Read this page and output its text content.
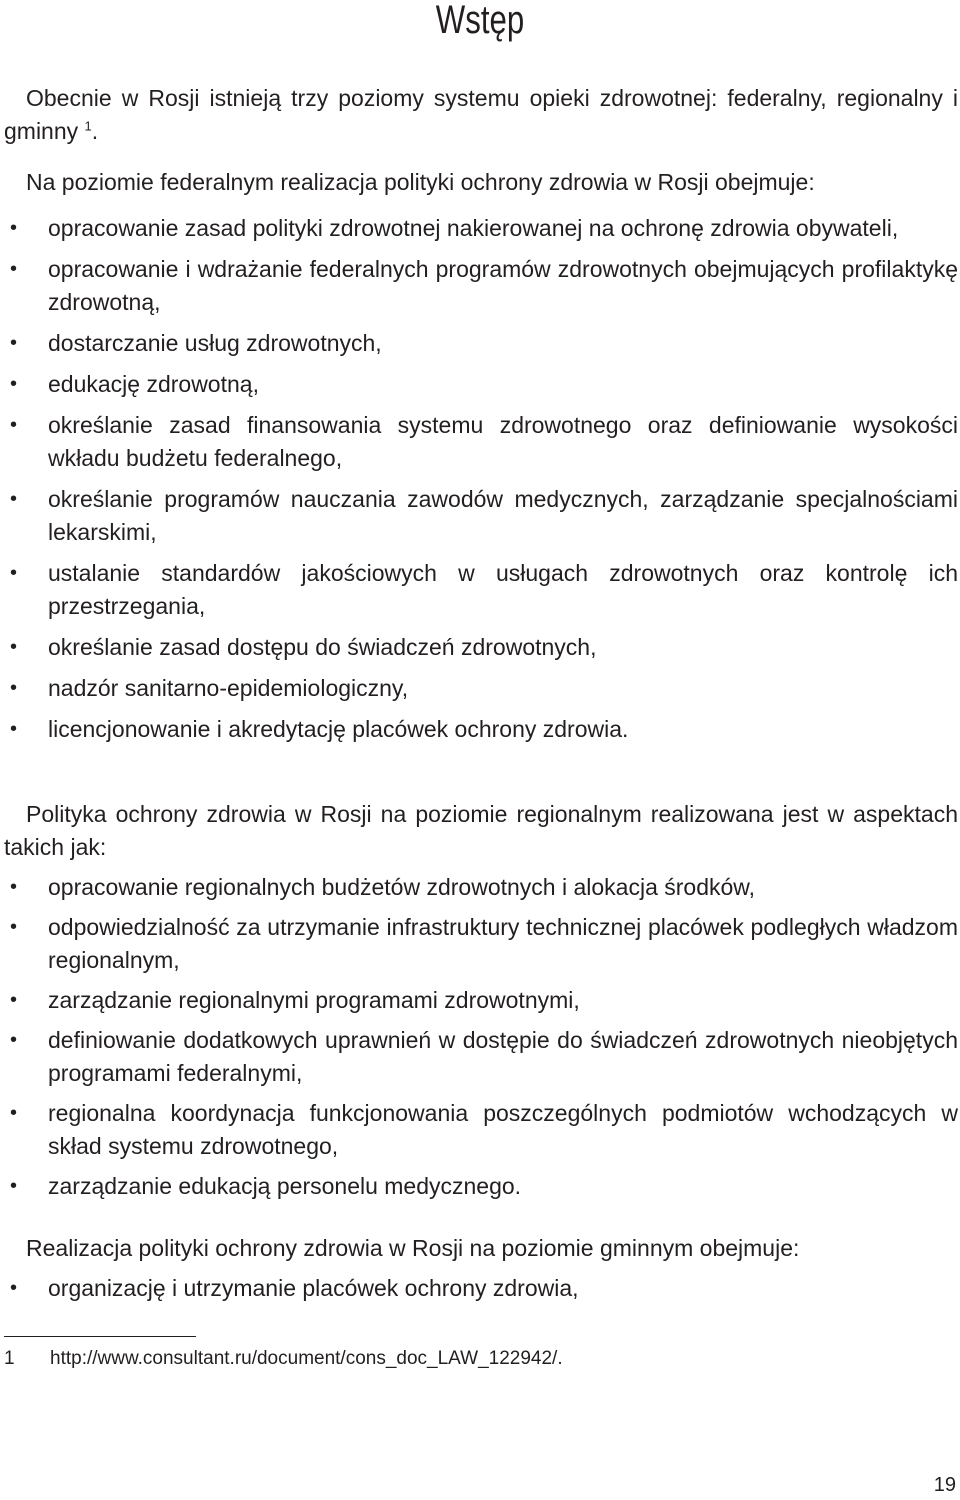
Wstęp

Obecnie w Rosji istnieją trzy poziomy systemu opieki zdrowotnej: federalny, regionalny i gminny $^1$.

Na poziomie federalnym realizacja polityki ochrony zdrowia w Rosji obejmuje:

• opracowanie zasad polityki zdrowotnej nakierowanej na ochronę zdrowia obywateli,
• opracowanie i wdrażanie federalnych programów zdrowotnych obejmujących profilaktykę zdrowotną,
• dostarczanie usług zdrowotnych,
• edukację zdrowotną,
• określanie zasad finansowania systemu zdrowotnego oraz definiowanie wysokości wkładu budżetu federalnego,
• określanie programów nauczania zawodów medycznych, zarządzanie specjalnościami lekarskimi,
• ustalanie standardów jakościowych w usługach zdrowotnych oraz kontrolę ich przestrzegania,
• określanie zasad dostępu do świadczeń zdrowotnych,
• nadzór sanitarno-epidemiologiczny,
• licencjonowanie i akredytację placówek ochrony zdrowia.

Polityka ochrony zdrowia w Rosji na poziomie regionalnym realizowana jest w aspektach takich jak:

• opracowanie regionalnych budżetów zdrowotnych i alokacja środków,
• odpowiedzialność za utrzymanie infrastruktury technicznej placówek podległych władzom regionalnym,
• zarządzanie regionalnymi programami zdrowotnymi,
• definiowanie dodatkowych uprawnień w dostępie do świadczeń zdrowotnych nieobjętych programami federalnymi,
• regionalna koordynacja funkcjonowania poszczególnych podmiotów wchodzących w skład systemu zdrowotnego,
• zarządzanie edukacją personelu medycznego.

Realizacja polityki ochrony zdrowia w Rosji na poziomie gminnym obejmuje:

• organizację i utrzymanie placówek ochrony zdrowia,
1 http://www.consultant.ru/document/cons_doc_LAW_122942/.
19
